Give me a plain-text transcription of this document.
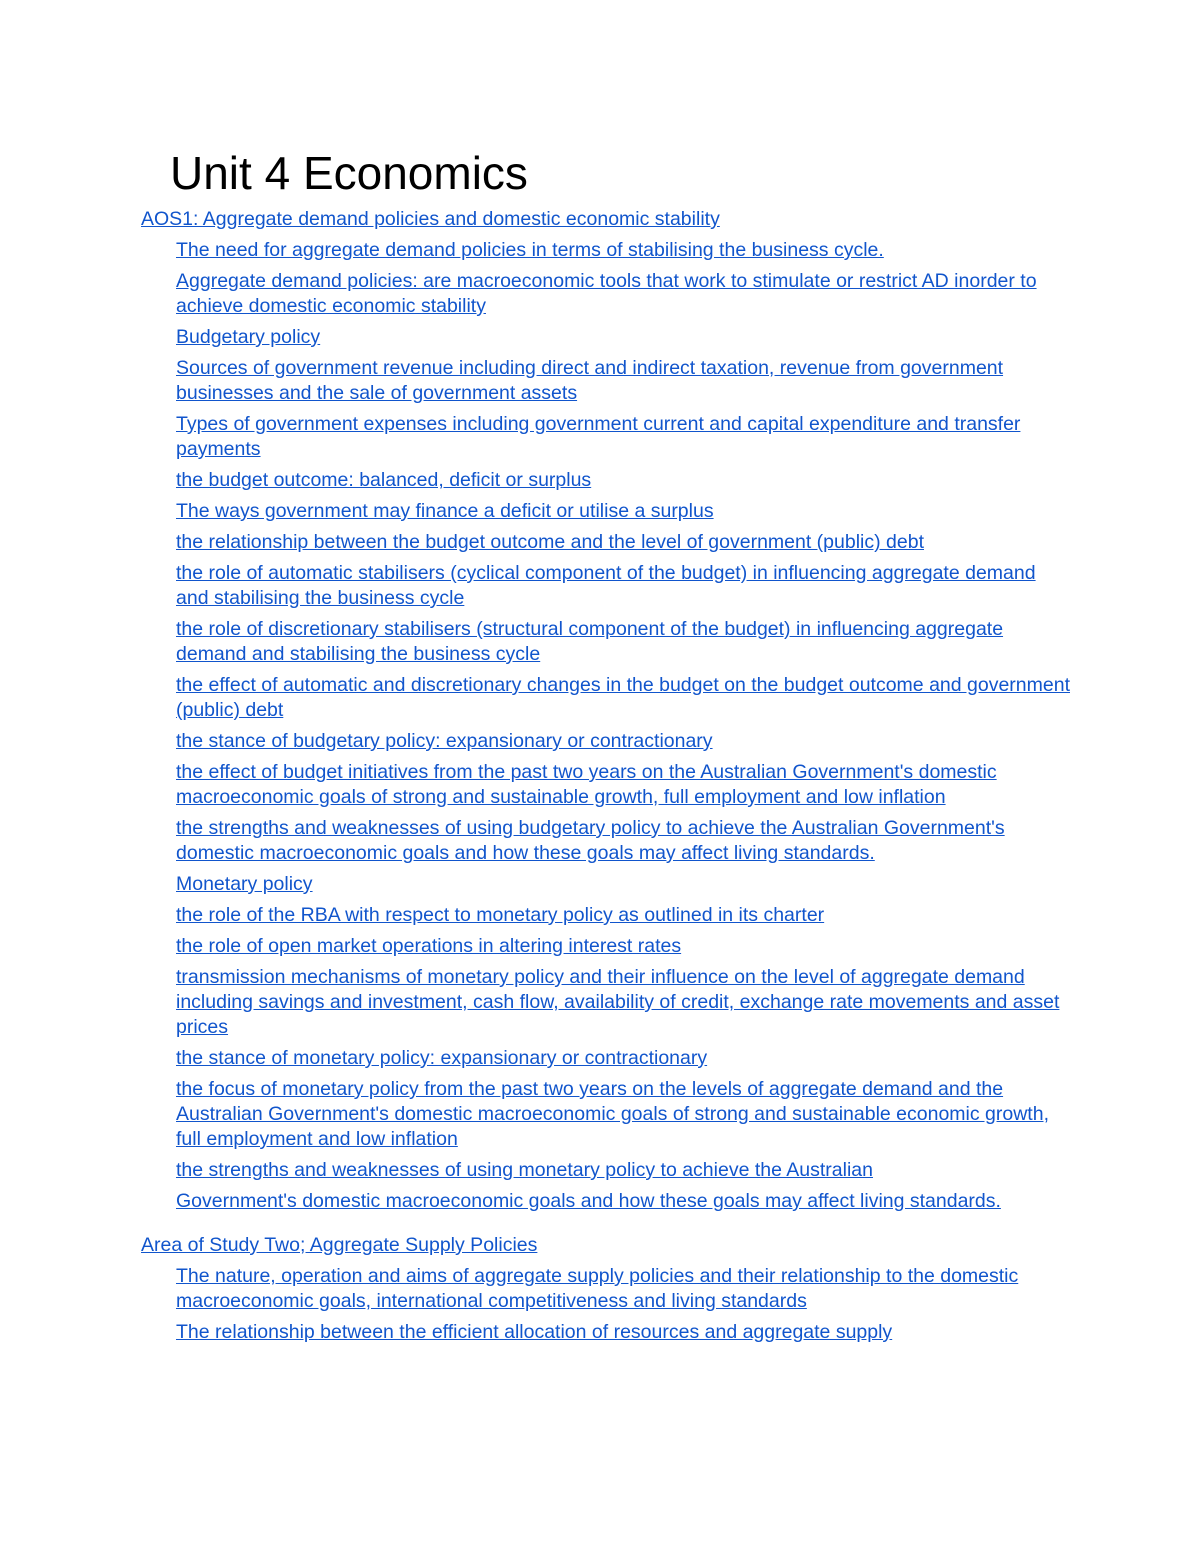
Unit 4 Economics
AOS1: Aggregate demand policies and domestic economic stability
The need for aggregate demand policies in terms of stabilising the business cycle.
Aggregate demand policies: are macroeconomic tools that work to stimulate or restrict AD inorder to achieve domestic economic stability
Budgetary policy
Sources of government revenue including direct and indirect taxation, revenue from government businesses and the sale of government assets
Types of government expenses including government current and capital expenditure and transfer payments
the budget outcome: balanced, deficit or surplus
The ways government may finance a deficit or utilise a surplus
the relationship between the budget outcome and the level of government (public) debt
the role of automatic stabilisers (cyclical component of the budget) in influencing aggregate demand and stabilising the business cycle
the role of discretionary stabilisers (structural component of the budget) in influencing aggregate demand and stabilising the business cycle
the effect of automatic and discretionary changes in the budget on the budget outcome and government (public) debt
the stance of budgetary policy: expansionary or contractionary
the effect of budget initiatives from the past two years on the Australian Government's domestic macroeconomic goals of strong and sustainable growth, full employment and low inflation
the strengths and weaknesses of using budgetary policy to achieve the Australian Government's domestic macroeconomic goals and how these goals may affect living standards.
Monetary policy
the role of the RBA with respect to monetary policy as outlined in its charter
the role of open market operations in altering interest rates
transmission mechanisms of monetary policy and their influence on the level of aggregate demand including savings and investment, cash flow, availability of credit, exchange rate movements and asset prices
the stance of monetary policy: expansionary or contractionary
the focus of monetary policy from the past two years on the levels of aggregate demand and the Australian Government's domestic macroeconomic goals of strong and sustainable economic growth, full employment and low inflation
the strengths and weaknesses of using monetary policy to achieve the Australian
Government's domestic macroeconomic goals and how these goals may affect living standards.
Area of Study Two; Aggregate Supply Policies
The nature, operation and aims of aggregate supply policies and their relationship to the domestic macroeconomic goals, international competitiveness and living standards
The relationship between the efficient allocation of resources and aggregate supply
